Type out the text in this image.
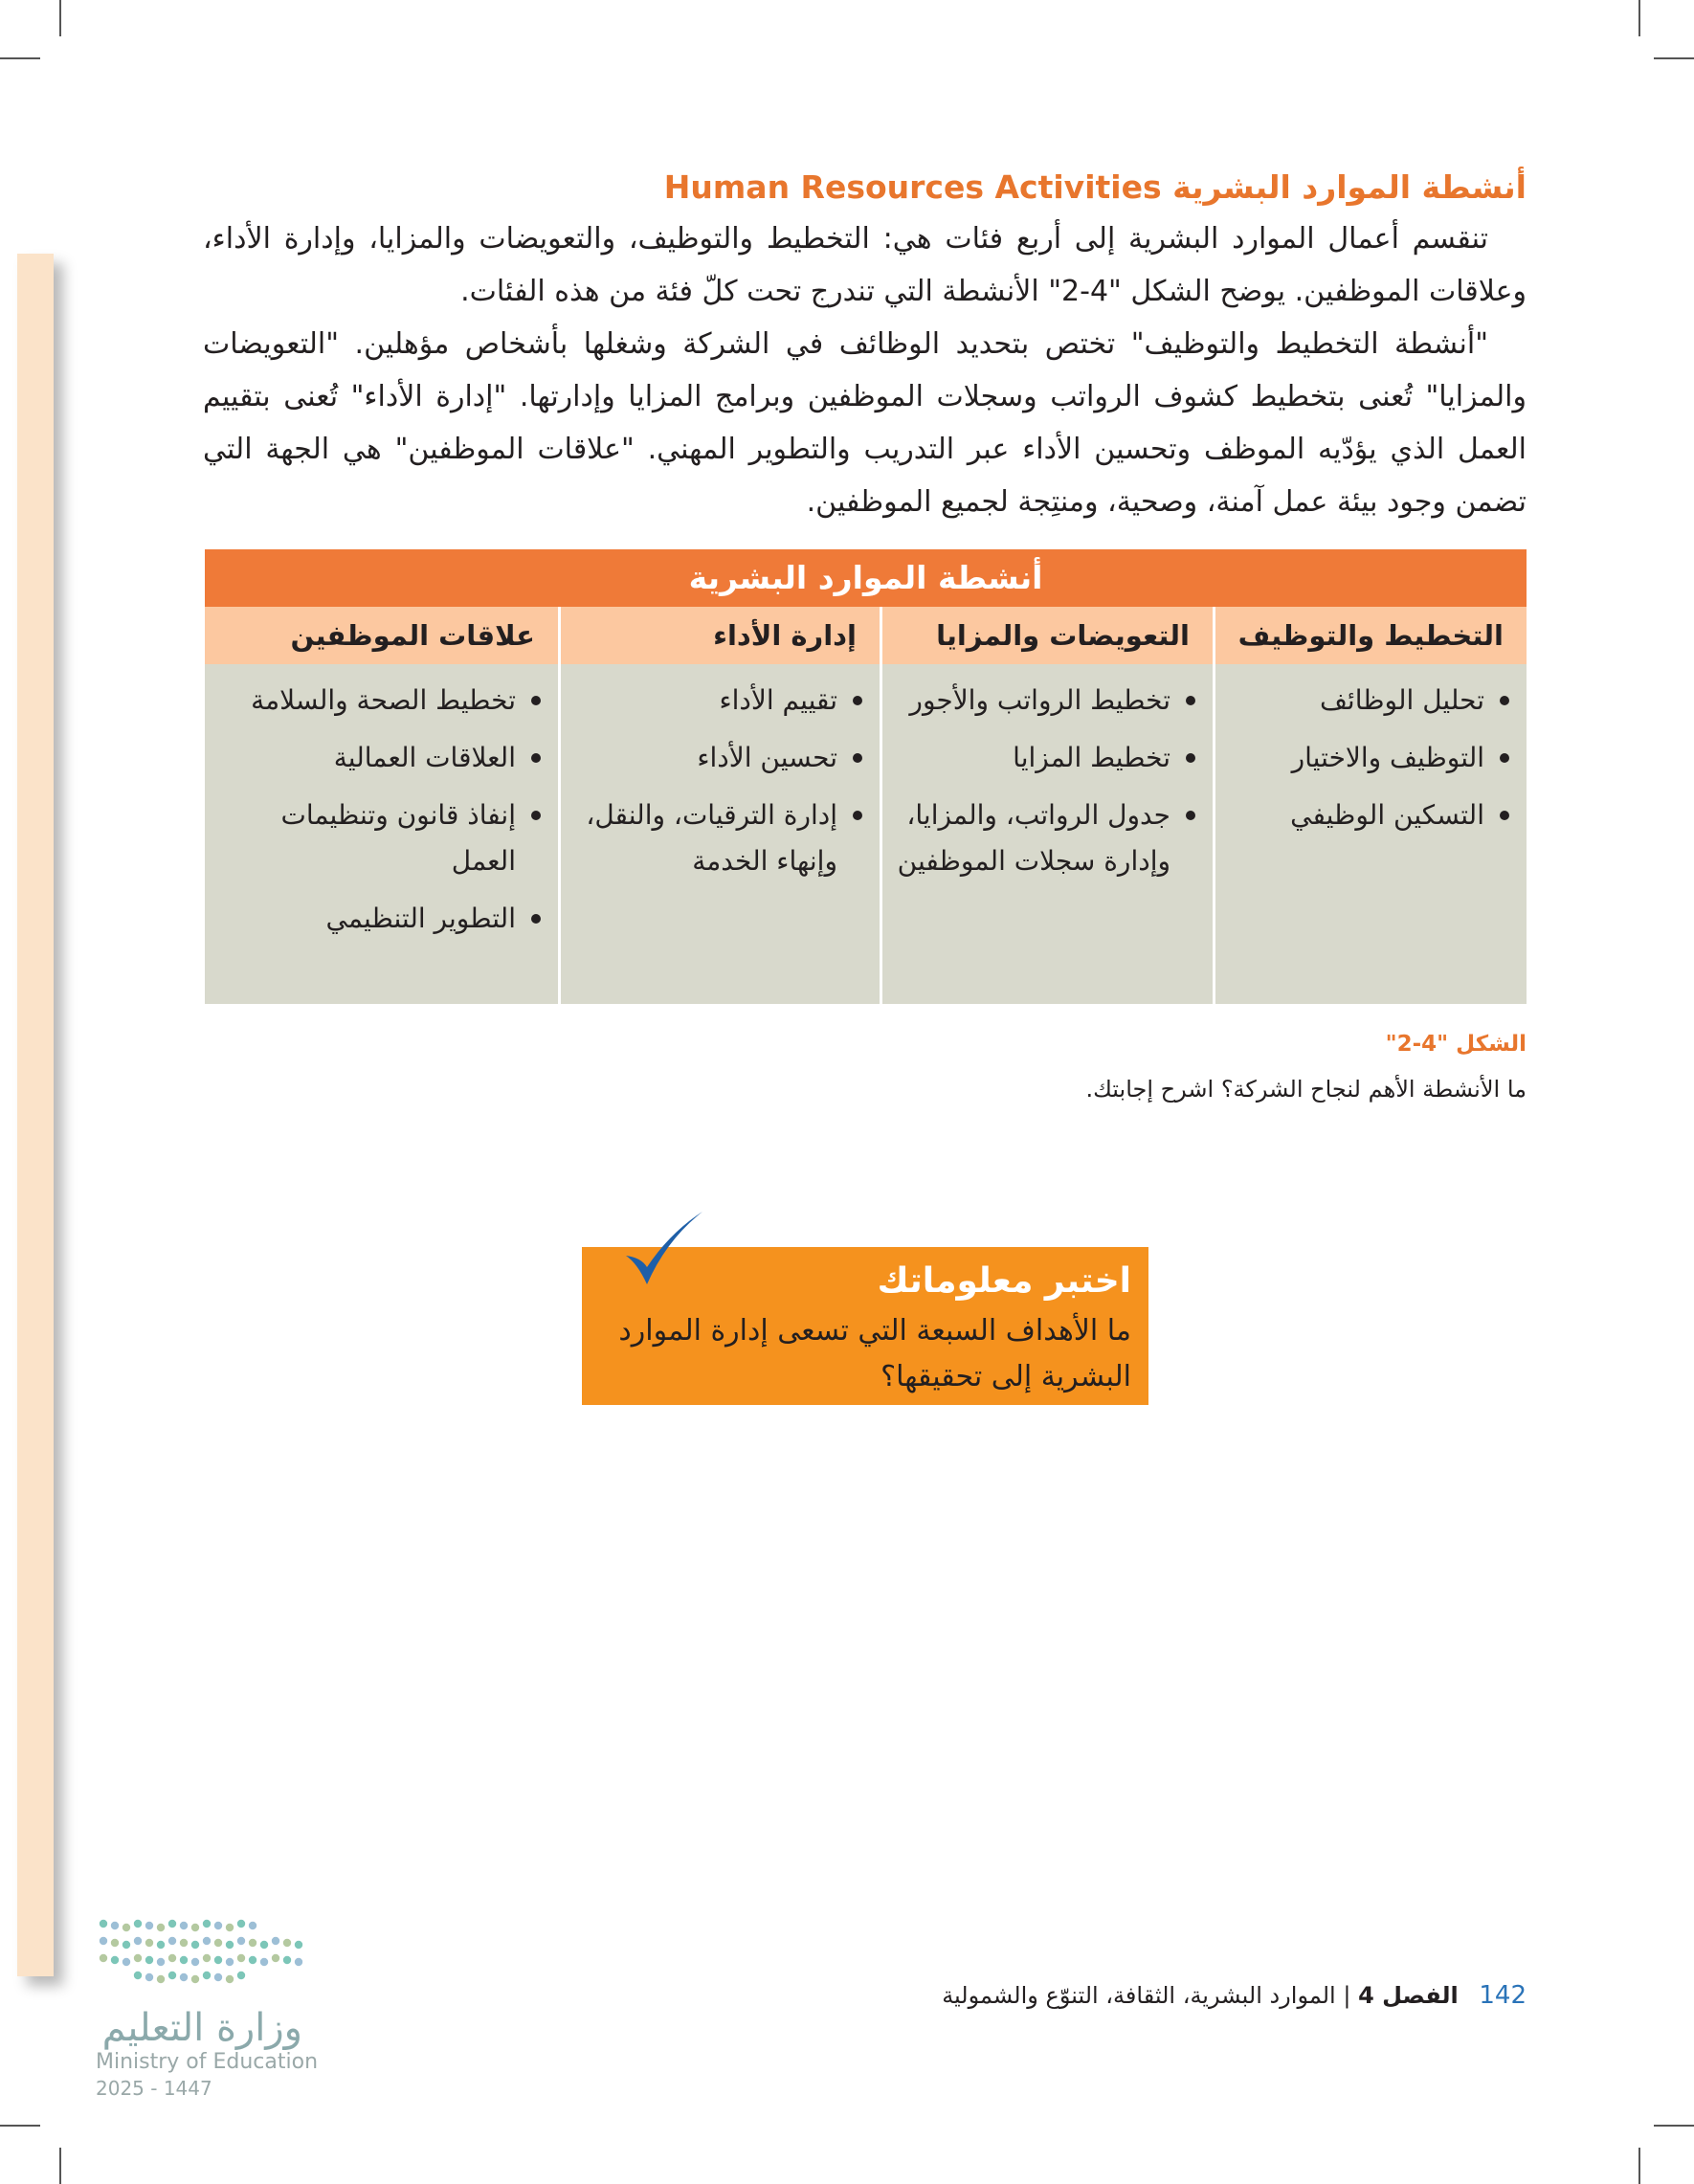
أنشطة الموارد البشرية Human Resources Activities

تنقسم أعمال الموارد البشرية إلى أربع فئات هي: التخطيط والتوظيف، والتعويضات والمزايا، وإدارة الأداء، وعلاقات الموظفين. يوضح الشكل "4-2" الأنشطة التي تندرج تحت كلّ فئة من هذه الفئات.

"أنشطة التخطيط والتوظيف" تختص بتحديد الوظائف في الشركة وشغلها بأشخاص مؤهلين. "التعويضات والمزايا" تُعنى بتخطيط كشوف الرواتب وسجلات الموظفين وبرامج المزايا وإدارتها. "إدارة الأداء" تُعنى بتقييم العمل الذي يؤدّيه الموظف وتحسين الأداء عبر التدريب والتطوير المهني. "علاقات الموظفين" هي الجهة التي تضمن وجود بيئة عمل آمنة، وصحية، ومنتِجة لجميع الموظفين.

أنشطة الموارد البشرية
التخطيط والتوظيف
تحليل الوظائف
التوظيف والاختيار
التسكين الوظيفي
التعويضات والمزايا
تخطيط الرواتب والأجور
تخطيط المزايا
جدول الرواتب، والمزايا، وإدارة سجلات الموظفين
إدارة الأداء
تقييم الأداء
تحسين الأداء
إدارة الترقيات، والنقل، وإنهاء الخدمة
علاقات الموظفين
تخطيط الصحة والسلامة
العلاقات العمالية
إنفاذ قانون وتنظيمات العمل
التطوير التنظيمي
الشكل "4-2"
ما الأنشطة الأهم لنجاح الشركة؟ اشرح إجابتك.
اختبر معلوماتك
ما الأهداف السبعة التي تسعى إدارة الموارد البشرية إلى تحقيقها؟
142 الفصل 4 | الموارد البشرية، الثقافة، التنوّع والشمولية
وزارة التعليم
Ministry of Education
2025 - 1447
